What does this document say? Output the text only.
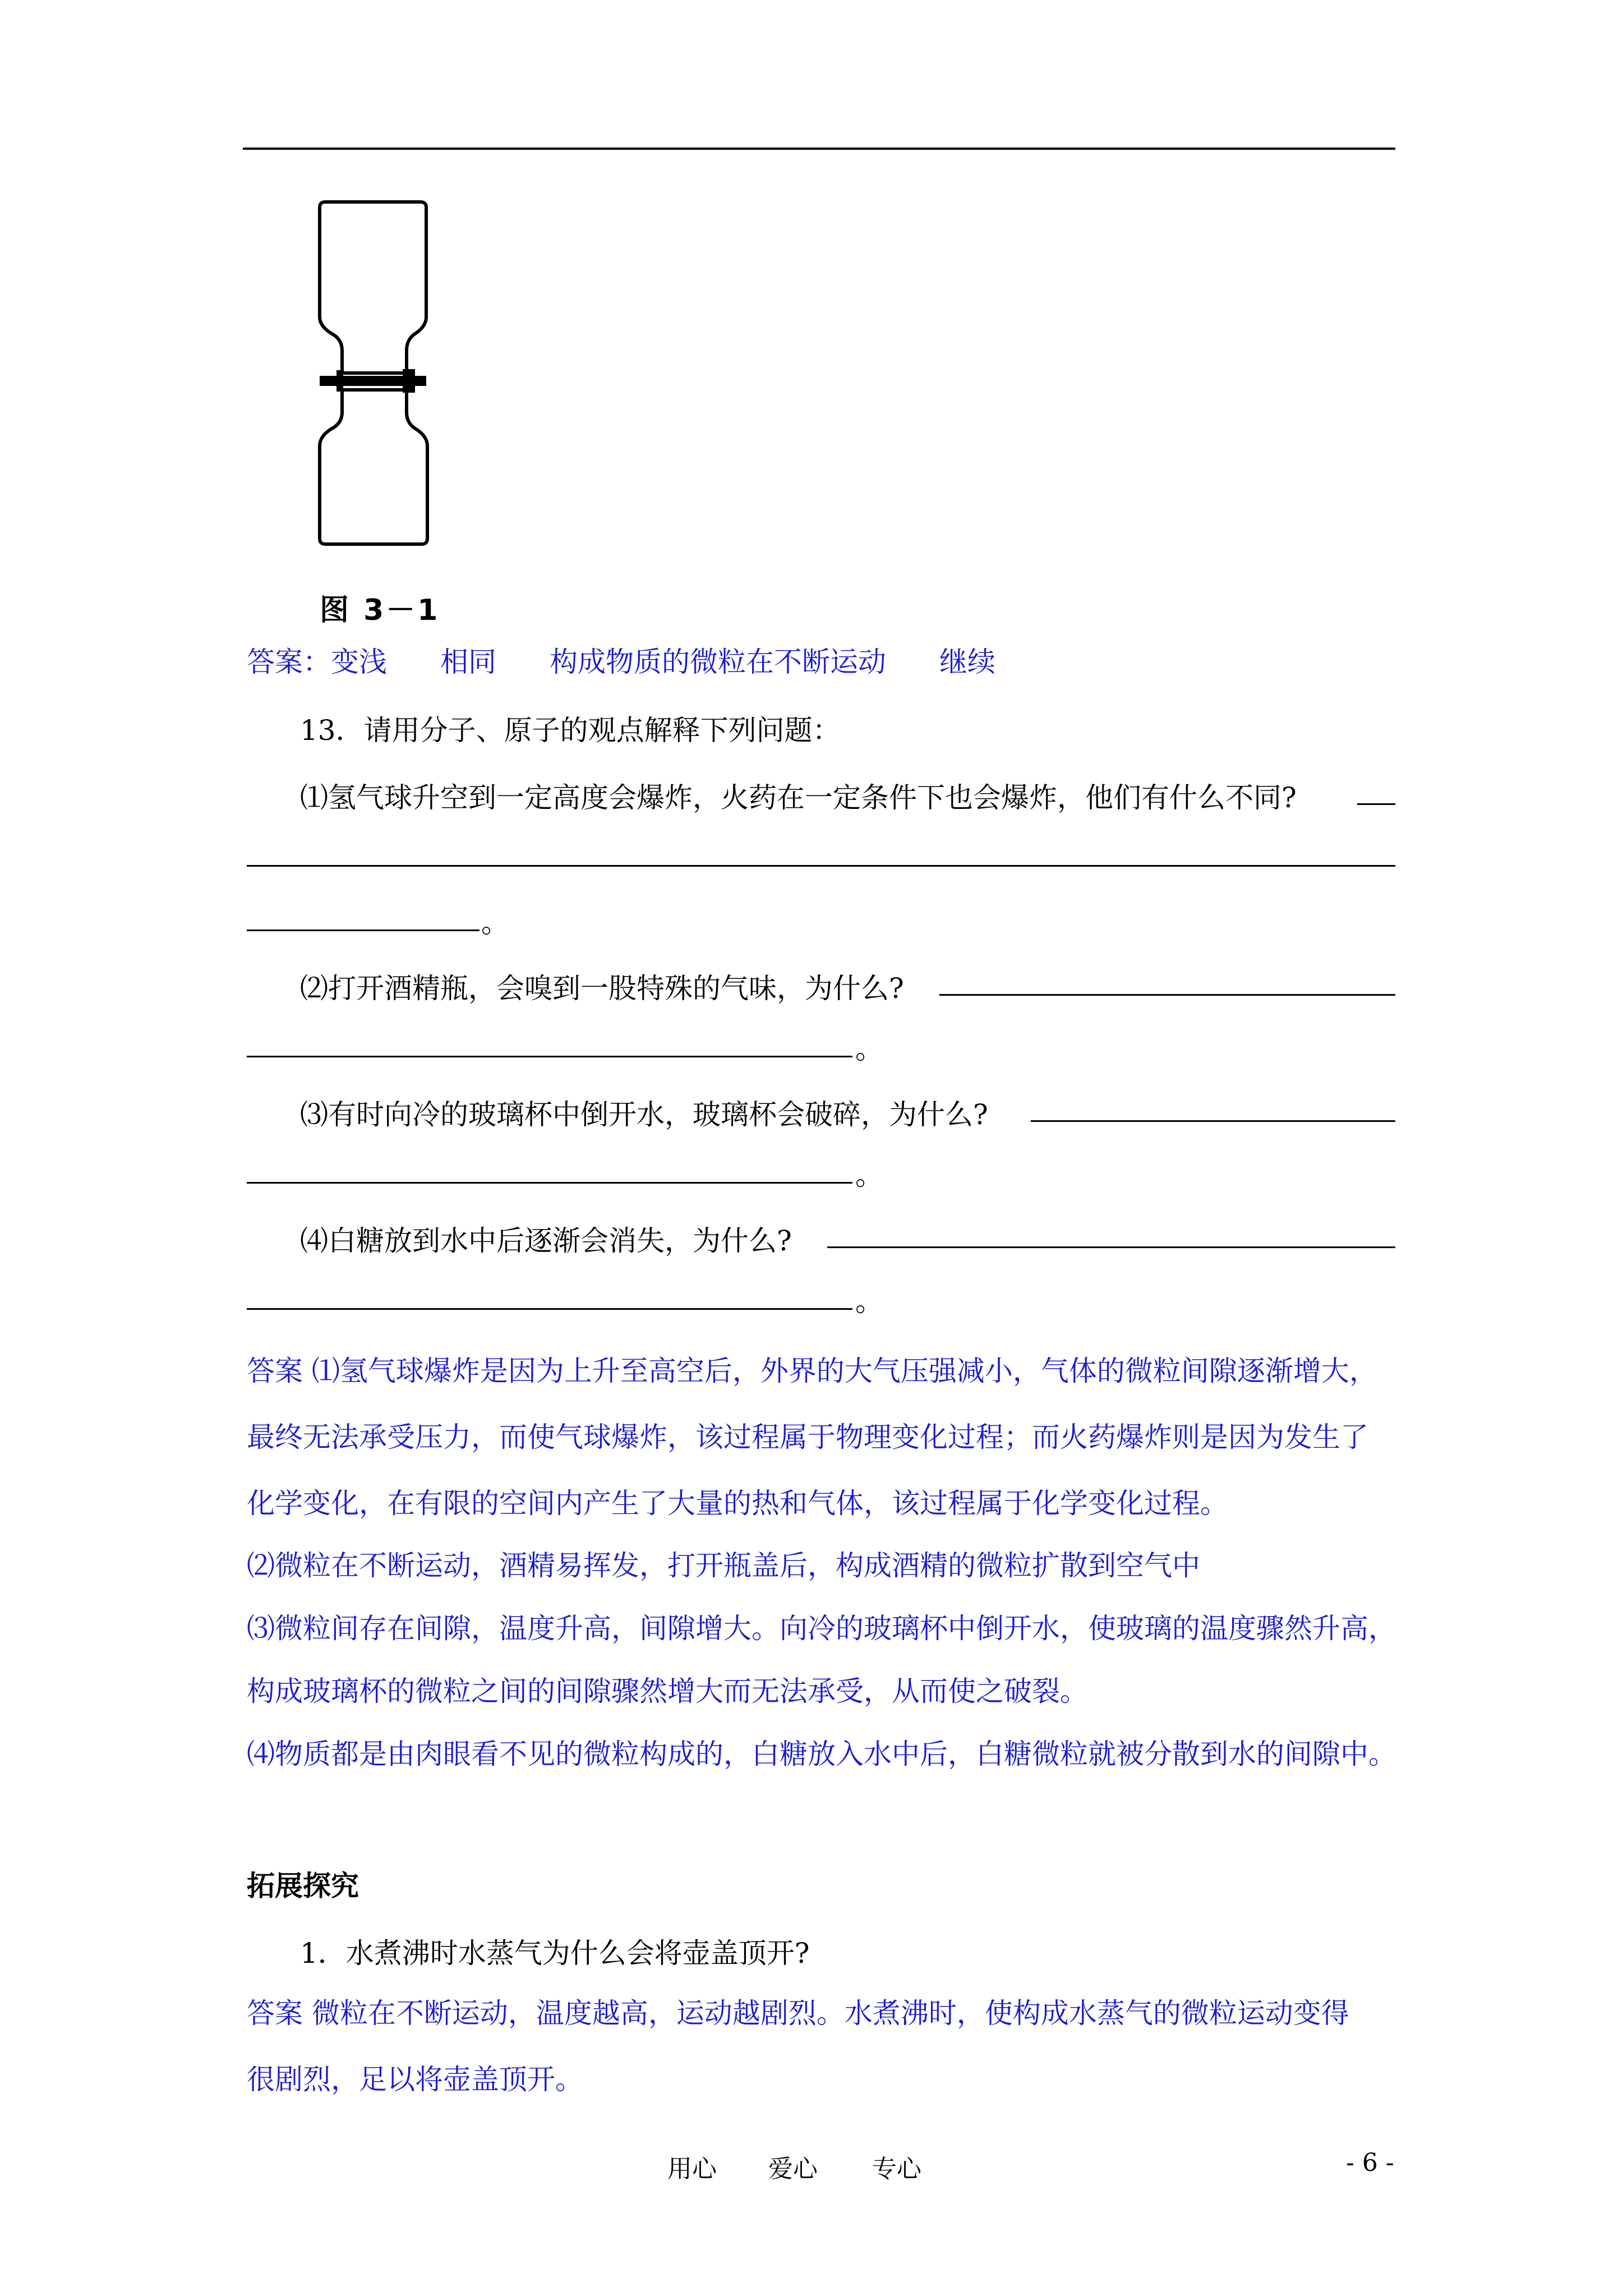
图 3－1
答案：变浅 相同 构成物质的微粒在不断运动 继续
13．请用分子、原子的观点解释下列问题：
⑴氢气球升空到一定高度会爆炸，火药在一定条件下也会爆炸，他们有什么不同?
。
⑵打开酒精瓶，会嗅到一股特殊的气味，为什么?
。
⑶有时向冷的玻璃杯中倒开水，玻璃杯会破碎，为什么?
。
⑷白糖放到水中后逐渐会消失，为什么?
。

答案 ⑴氢气球爆炸是因为上升至高空后，外界的大气压强减小，气体的微粒间隙逐渐增大，

最终无法承受压力，而使气球爆炸，该过程属于物理变化过程；而火药爆炸则是因为发生了

化学变化，在有限的空间内产生了大量的热和气体，该过程属于化学变化过程。

⑵微粒在不断运动，酒精易挥发，打开瓶盖后，构成酒精的微粒扩散到空气中

⑶微粒间存在间隙，温度升高，间隙增大。向冷的玻璃杯中倒开水，使玻璃的温度骤然升高，

构成玻璃杯的微粒之间的间隙骤然增大而无法承受，从而使之破裂。

⑷物质都是由肉眼看不见的微粒构成的，白糖放入水中后，白糖微粒就被分散到水的间隙中。

拓展探究
1．水煮沸时水蒸气为什么会将壶盖顶开?

答案 微粒在不断运动，温度越高，运动越剧烈。水煮沸时，使构成水蒸气的微粒运动变得

很剧烈，足以将壶盖顶开。

用心 爱心 专心	- 6 -
